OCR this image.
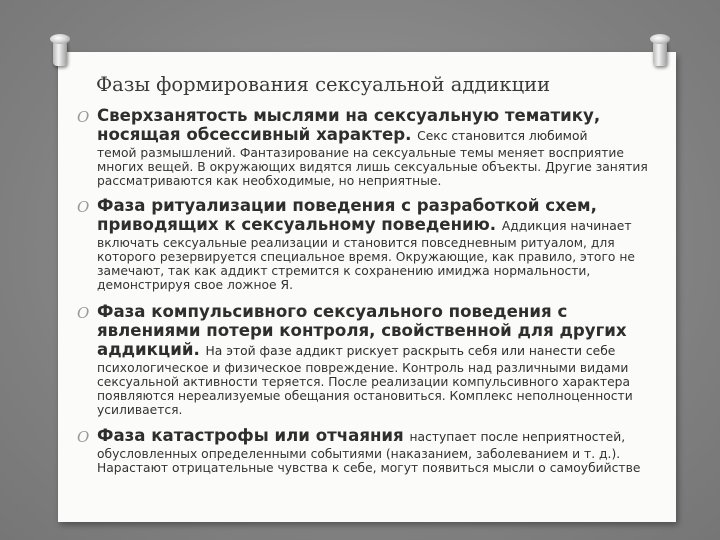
Фазы формирования сексуальной аддикции
O Сверхзанятость мыслями на сексуальную тематику, носящая обсессивный характер. Секс становится любимой
темой размышлений. Фантазирование на сексуальные темы меняет восприятие многих вещей. В окружающих видятся лишь сексуальные объекты. Другие занятия рассматриваются как необходимые, но неприятные.
O Фаза ритуализации поведения с разработкой схем, приводящих к сексуальному поведению. Аддикция начинает
включать сексуальные реализации и становится повседневным ритуалом, для которого резервируется специальное время. Окружающие, как правило, этого не замечают, так как аддикт стремится к сохранению имиджа нормальности, демонстрируя свое ложное Я.
O Фаза компульсивного сексуального поведения с явлениями потери контроля, свойственной для других аддикций. На этой фазе аддикт рискует раскрыть себя или нанести себе
психологическое и физическое повреждение. Контроль над различными видами сексуальной активности теряется. После реализации компульсивного характера появляются нереализуемые обещания остановиться. Комплекс неполноценности усиливается.
O Фаза катастрофы или отчаяния наступает после неприятностей,
обусловленных определенными событиями (наказанием, заболеванием и т. д.). Нарастают отрицательные чувства к себе, могут появиться мысли о самоубийстве
